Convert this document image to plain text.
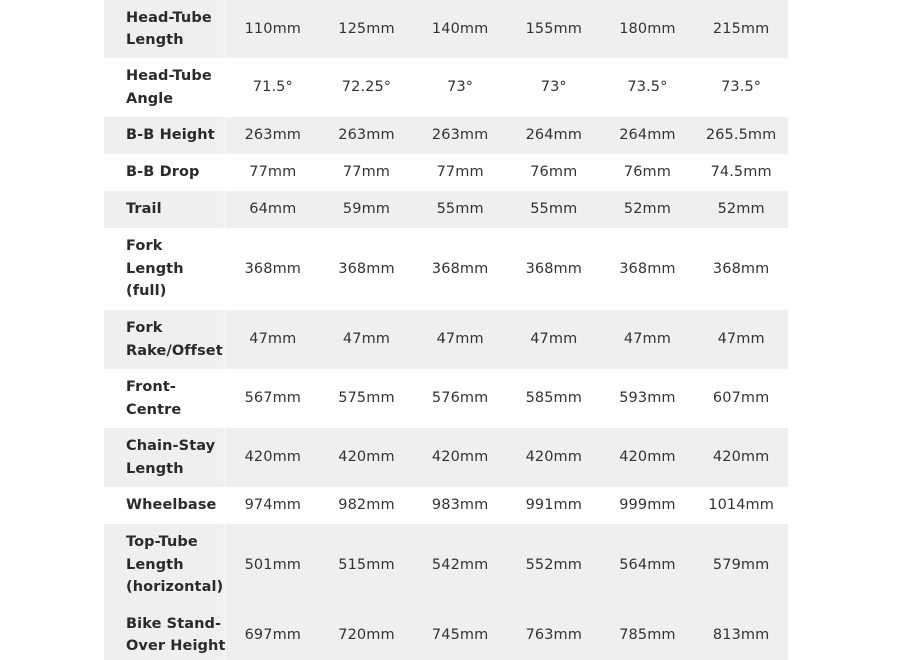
Head-Tube
Length	110mm	125mm	140mm	155mm	180mm	215mm

Head-Tube
Angle	71.5°	72.25°	73°	73°	73.5°	73.5°

B-B Height	263mm	263mm	263mm	264mm	264mm	265.5mm

B-B Drop	77mm	77mm	77mm	76mm	76mm	74.5mm

Trail	64mm	59mm	55mm	55mm	52mm	52mm

Fork
Length
(full)	368mm	368mm	368mm	368mm	368mm	368mm

Fork
Rake/Offset	47mm	47mm	47mm	47mm	47mm	47mm

Front-
Centre	567mm	575mm	576mm	585mm	593mm	607mm

Chain-Stay
Length	420mm	420mm	420mm	420mm	420mm	420mm

Wheelbase	974mm	982mm	983mm	991mm	999mm	1014mm

Top-Tube
Length
(horizontal)	501mm	515mm	542mm	552mm	564mm	579mm

Bike Stand-
Over Height	697mm	720mm	745mm	763mm	785mm	813mm
